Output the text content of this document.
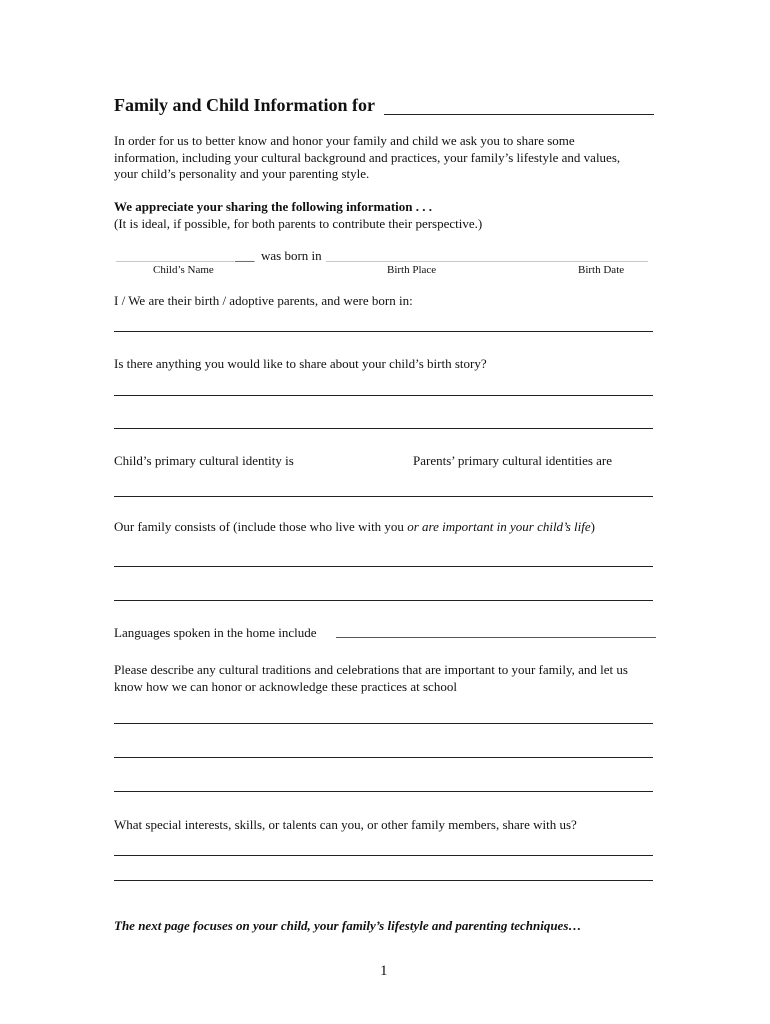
Family and Child Information for
In order for us to better know and honor your family and child we ask you to share some
information, including your cultural background and practices, your family’s lifestyle and values,
your child’s personality and your parenting style.
We appreciate your sharing the following information . . .
(It is ideal, if possible, for both parents to contribute their perspective.)
___ was born in
Child’s Name	Birth Place	Birth Date
I / We are their birth / adoptive parents, and were born in:
Is there anything you would like to share about your child’s birth story?
Child’s primary cultural identity is	Parents’ primary cultural identities are
Our family consists of (include those who live with you or are important in your child’s life)
Languages spoken in the home include
Please describe any cultural traditions and celebrations that are important to your family, and let us
know how we can honor or acknowledge these practices at school
What special interests, skills, or talents can you, or other family members, share with us?
The next page focuses on your child, your family’s lifestyle and parenting techniques…
1
